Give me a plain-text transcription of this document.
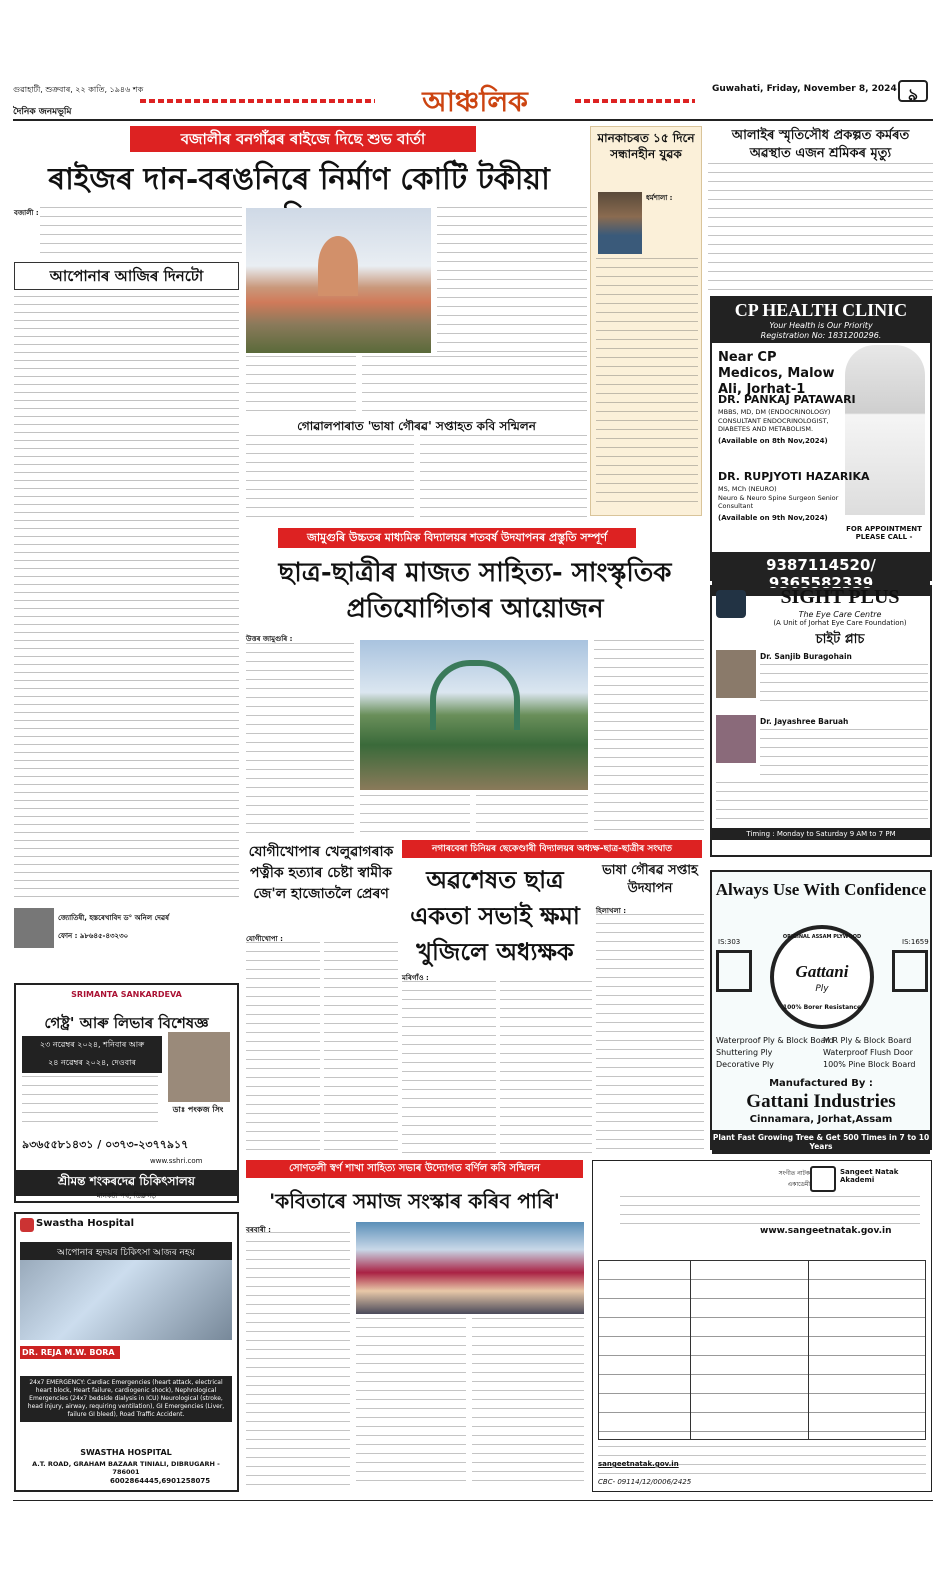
গুৱাহাটী, শুক্ৰবাৰ, ২২ কাতি, ১৯৪৬ শক
দৈনিক জনমভূমি	আঞ্চলিক	Guwahati, Friday, November 8, 2024 ৯
বজালীৰ বনগাঁৱৰ ৰাইজে দিছে শুভ বাৰ্তা
ৰাইজৰ দান-বৰঙনিৰে নিৰ্মাণ কোটি টকীয়া
বজালী :
গোৱালপাৰাত 'ভাষা গৌৰৱ' সপ্তাহত কবি সন্মিলন
আপোনাৰ আজিৰ দিনটো
জ্যোতিষী, হস্তৰেখাবিদ ড° অনিল দেৱৰ্ষ
ফোন : ৯৮৬৪৫-৪৩২৩০
মানকাচৰত ১৫ দিনে সন্ধানহীন যুৱক
ধৰ্মশালা :
আলাইৰ স্মৃতিসৌধ প্ৰকল্পত কৰ্মৰত
অৱস্থাত এজন শ্ৰমিকৰ মৃত্যু
CP HEALTH CLINIC
Your Health is Our Priority
Registration No: 1831200296.
Near CP Medicos, Malow Ali, Jorhat-1
DR. PANKAJ PATAWARI
MBBS, MD, DM (ENDOCRINOLOGY)
CONSULTANT ENDOCRINOLOGIST, DIABETES AND METABOLISM.
(Available on 8th Nov,2024)
DR. RUPJYOTI HAZARIKA
MS, MCh (NEURO)
Neuro & Neuro Spine Surgeon Senior Consultant
(Available on 9th Nov,2024)
FOR APPOINTMENT PLEASE CALL -
9387114520/ 9365582339
জামুগুৰি উচ্চতৰ মাধ্যমিক বিদ্যালয়ৰ শতবৰ্ষ উদযাপনৰ প্ৰস্তুতি সম্পূৰ্ণ
ছাত্ৰ-ছাত্ৰীৰ মাজত সাহিত্য- সাংস্কৃতিক
প্ৰতিযোগিতাৰ আয়োজন
উত্তৰ জামুগুৰি :
SIGHT PLUS
The Eye Care Centre
(A Unit of Jorhat Eye Care Foundation)
চাইট প্লাচ
Dr. Sanjib Buragohain
Dr. Jayashree Baruah
Timing : Monday to Saturday 9 AM to 7 PM
SRIMANTA SANKARDEVA
গেষ্ট্ৰ' আৰু লিভাৰ বিশেষজ্ঞ
২৩ নৱেম্বৰ ২০২৪, শনিবাৰ আৰু
২৪ নৱেম্বৰ ২০২৪, দেওবাৰ
ডাঃ পংকজ সিং
৯৩৬৫৫৮১৪৩১ / ০৩৭৩-২৩৭৭৯১৭
www.sshri.com
শ্ৰীমন্ত শংকৰদেৱ চিকিৎসালয়
মানকটা পথ, ডিব্ৰুগড়
যোগীখোপাৰ খেলুৱাগৰাক পত্নীক হত্যাৰ চেষ্টা স্বামীক জে'ল হাজোতলৈ প্ৰেৰণ
যোগীখোপা :
নগাৰবেৰা চিনিয়ৰ ছেকেণ্ডাৰী বিদ্যালয়ৰ অধ্যক্ষ-ছাত্ৰ-ছাত্ৰীৰ সংঘাত
অৱশেষত ছাত্ৰ একতা সভাই ক্ষমা খুজিলে অধ্যক্ষক
মৰিগাঁও :
ভাষা গৌৰৱ সপ্তাহ উদযাপন
হিলাখলা :
Always Use With Confidence
IS:303	IS:1659
ORIGINAL ASSAM PLYWOOD
Gattani
Ply
100% Borer Resistance
Waterproof Ply & Block Board
Shuttering Ply
Decorative Ply
M R Ply & Block Board
Waterproof Flush Door
100% Pine Block Board
Manufactured By :
Gattani Industries
Cinnamara, Jorhat,Assam
Plant Fast Growing Tree & Get 500 Times in 7 to 10 Years
Swastha Hospital
আপোনাৰ হৃদয়ৰ চিকিৎসা আজৰ নহয়
DR. REJA M.W. BORA
24x7 EMERGENCY: Cardiac Emergencies (heart attack, electrical heart block, Heart failure, cardiogenic shock), Nephrological Emergencies (24x7 bedside dialysis in ICU) Neurological (stroke, head injury, airway, requiring ventilation), GI Emergencies (Liver, failure GI bleed), Road Traffic Accident.
SWASTHA HOSPITAL
A.T. ROAD, GRAHAM BAZAAR TINIALI, DIBRUGARH - 786001
6002864445,6901258075
সোণতলী স্বৰ্ণ শাখা সাহিত্য সভাৰ উদ্যোগত বৰ্ণিল কবি সন্মিলন
'কবিতাৰে সমাজ সংস্কাৰ কৰিব পাৰি'
বৰবাৰী :
সংগীত নাটক একাডেমী
Sangeet Natak Akademi
www.sangeetnatak.gov.in
sangeetnatak.gov.in
CBC- 09114/12/0006/2425
